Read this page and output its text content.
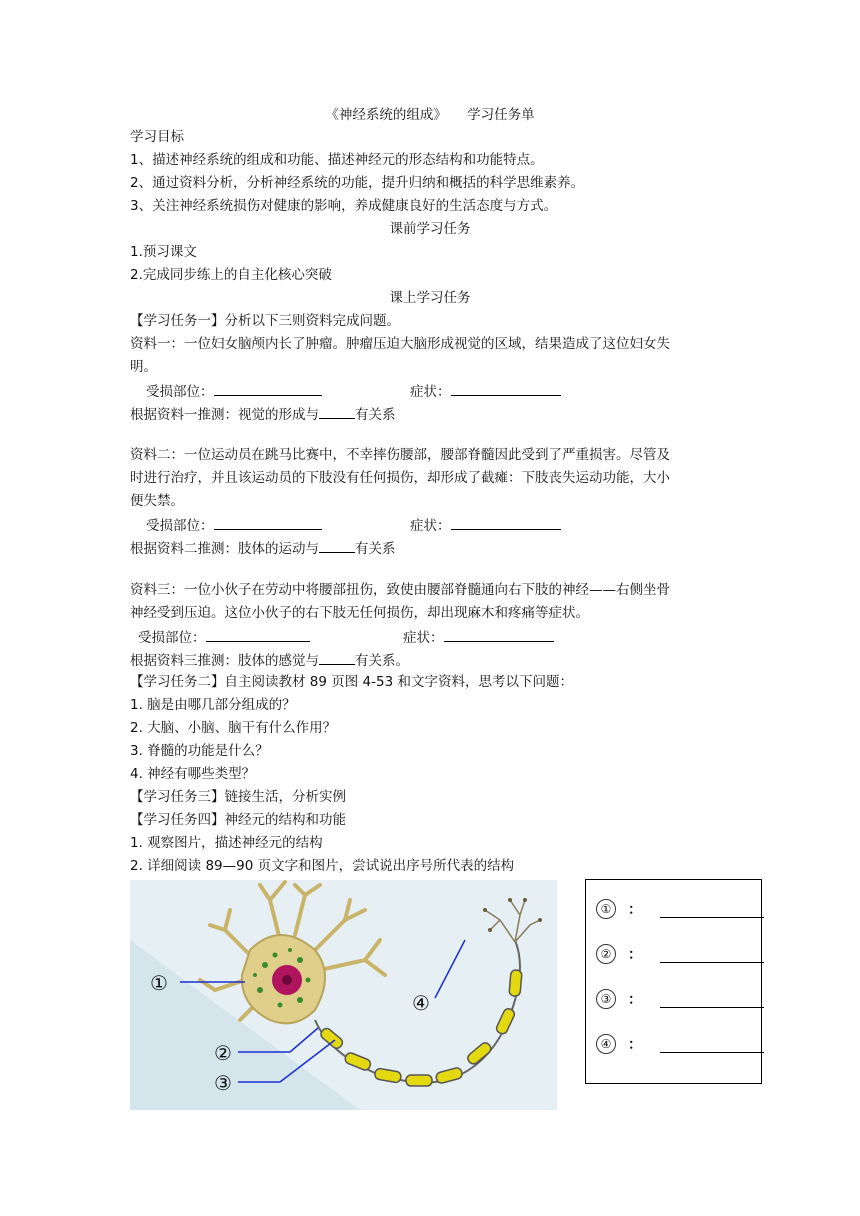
《神经系统的组成》　　学习任务单
学习目标
1、描述神经系统的组成和功能、描述神经元的形态结构和功能特点。
2、通过资料分析，分析神经系统的功能，提升归纳和概括的科学思维素养。
3、关注神经系统损伤对健康的影响，养成健康良好的生活态度与方式。
课前学习任务
1.预习课文
2.完成同步练上的自主化核心突破
课上学习任务
【学习任务一】分析以下三则资料完成问题。
资料一：一位妇女脑颅内长了肿瘤。肿瘤压迫大脑形成视觉的区域，结果造成了这位妇女失
明。
受损部位：	症状：
根据资料一推测：视觉的形成与	有关系
资料二：一位运动员在跳马比赛中，不幸摔伤腰部，腰部脊髓因此受到了严重损害。尽管及
时进行治疗，并且该运动员的下肢没有任何损伤，却形成了截瘫：下肢丧失运动功能，大小
便失禁。
受损部位：	症状：
根据资料二推测：肢体的运动与	有关系
资料三：一位小伙子在劳动中将腰部扭伤，致使由腰部脊髓通向右下肢的神经——右侧坐骨
神经受到压迫。这位小伙子的右下肢无任何损伤，却出现麻木和疼痛等症状。
受损部位：	症状：
根据资料三推测：肢体的感觉与	有关系。
【学习任务二】自主阅读教材 89 页图 4-53 和文字资料，思考以下问题：
1. 脑是由哪几部分组成的？
2. 大脑、小脑、脑干有什么作用？
3. 脊髓的功能是什么？
4. 神经有哪些类型？
【学习任务三】链接生活，分析实例
【学习任务四】神经元的结构和功能
1. 观察图片，描述神经元的结构
2. 详细阅读 89—90 页文字和图片，尝试说出序号所代表的结构
①
②
③
④
①	：
②	：
③	：
④	：
